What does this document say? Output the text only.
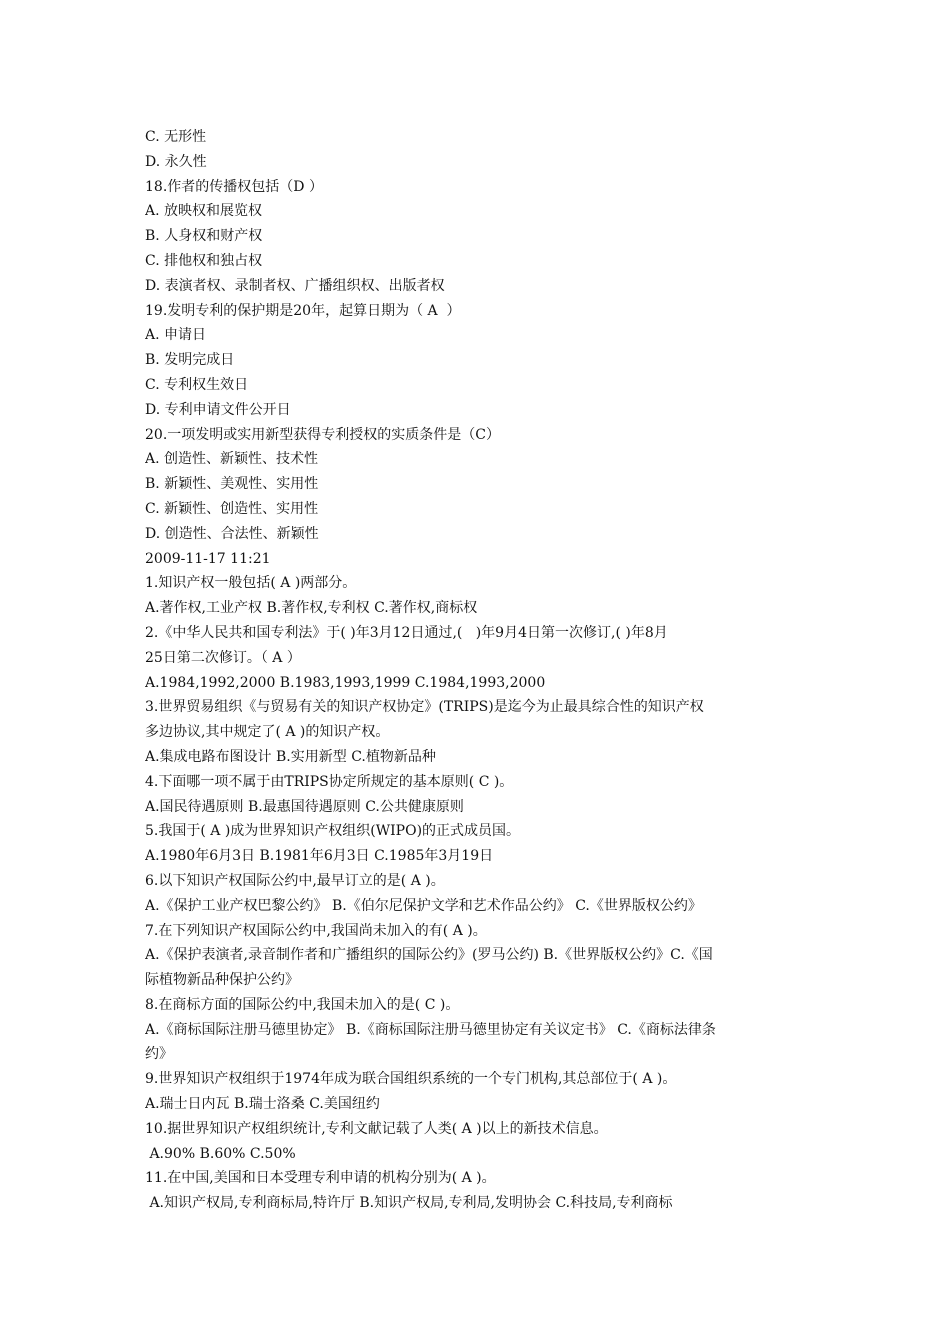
C. 无形性
D. 永久性
18.作者的传播权包括（D ）
A. 放映权和展览权
B. 人身权和财产权
C. 排他权和独占权
D. 表演者权、录制者权、广播组织权、出版者权
19.发明专利的保护期是20年，起算日期为（ A  ）
A. 申请日
B. 发明完成日
C. 专利权生效日
D. 专利申请文件公开日
20.一项发明或实用新型获得专利授权的实质条件是（C）
A. 创造性、新颖性、技术性
B. 新颖性、美观性、实用性
C. 新颖性、创造性、实用性
D. 创造性、合法性、新颖性
2009-11-17 11:21
1.知识产权一般包括( A )两部分。
A.著作权,工业产权 B.著作权,专利权 C.著作权,商标权
2.《中华人民共和国专利法》于( )年3月12日通过,(   )年9月4日第一次修订,( )年8月
25日第二次修订。（ A ）
A.1984,1992,2000 B.1983,1993,1999 C.1984,1993,2000
3.世界贸易组织《与贸易有关的知识产权协定》(TRIPS)是迄今为止最具综合性的知识产权
多边协议,其中规定了( A )的知识产权。
A.集成电路布图设计 B.实用新型 C.植物新品种
4.下面哪一项不属于由TRIPS协定所规定的基本原则( C )。
A.国民待遇原则 B.最惠国待遇原则 C.公共健康原则
5.我国于( A )成为世界知识产权组织(WIPO)的正式成员国。
A.1980年6月3日 B.1981年6月3日 C.1985年3月19日
6.以下知识产权国际公约中,最早订立的是( A )。
A.《保护工业产权巴黎公约》 B.《伯尔尼保护文学和艺术作品公约》 C.《世界版权公约》
7.在下列知识产权国际公约中,我国尚未加入的有( A )。
A.《保护表演者,录音制作者和广播组织的国际公约》(罗马公约) B.《世界版权公约》C.《国
际植物新品种保护公约》
8.在商标方面的国际公约中,我国未加入的是( C )。
A.《商标国际注册马德里协定》 B.《商标国际注册马德里协定有关议定书》 C.《商标法律条
约》
9.世界知识产权组织于1974年成为联合国组织系统的一个专门机构,其总部位于( A )。
A.瑞士日内瓦 B.瑞士洛桑 C.美国纽约
10.据世界知识产权组织统计,专利文献记载了人类( A )以上的新技术信息。
A.90% B.60% C.50%
11.在中国,美国和日本受理专利申请的机构分别为( A )。
A.知识产权局,专利商标局,特许厅 B.知识产权局,专利局,发明协会 C.科技局,专利商标
